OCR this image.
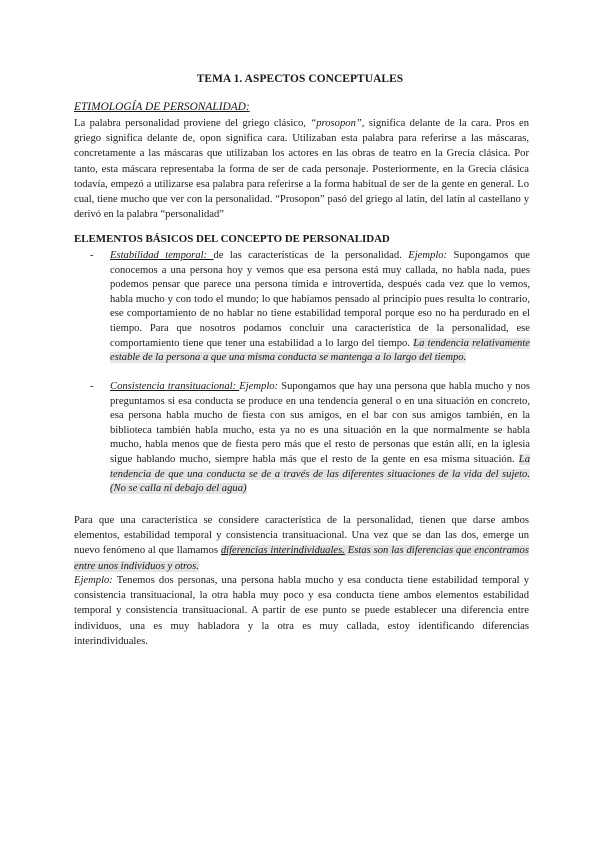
TEMA 1. ASPECTOS CONCEPTUALES
ETIMOLOGÍA DE PERSONALIDAD:
La palabra personalidad proviene del griego clásico, “prosopon”, significa delante de la cara. Pros en griego significa delante de, opon significa cara. Utilizaban esta palabra para referirse a las máscaras, concretamente a las máscaras que utilizaban los actores en las obras de teatro en la Grecia clásica. Por tanto, esta máscara representaba la forma de ser de cada personaje. Posteriormente, en la Grecia clásica todavía, empezó a utilizarse esa palabra para referirse a la forma habitual de ser de la gente en general. Lo cual, tiene mucho que ver con la personalidad. “Prosopon” pasó del griego al latín, del latín al castellano y derivó en la palabra “personalidad”
ELEMENTOS BÁSICOS DEL CONCEPTO DE PERSONALIDAD
- Estabilidad temporal: de las características de la personalidad. Ejemplo: Supongamos que conocemos a una persona hoy y vemos que esa persona está muy callada, no habla nada, pues podemos pensar que parece una persona tímida e introvertida, después cada vez que lo vemos, habla mucho y con todo el mundo; lo que habíamos pensado al principio pues resulta lo contrario, ese comportamiento de no hablar no tiene estabilidad temporal porque eso no ha perdurado en el tiempo. Para que nosotros podamos concluir una característica de la personalidad, ese comportamiento tiene que tener una estabilidad a lo largo del tiempo. La tendencia relativamente estable de la persona a que una misma conducta se mantenga a lo largo del tiempo.
- Consistencia transituacional: Ejemplo: Supongamos que hay una persona que habla mucho y nos preguntamos si esa conducta se produce en una tendencia general o en una situación en concreto, esa persona habla mucho de fiesta con sus amigos, en el bar con sus amigos también, en la biblioteca también habla mucho, esta ya no es una situación en la que normalmente se habla mucho, habla menos que de fiesta pero más que el resto de personas que están allí, en la iglesia sigue hablando mucho, siempre habla más que el resto de la gente en esa misma situación. La tendencia de que una conducta se de a través de las diferentes situaciones de la vida del sujeto. (No se calla ni debajo del agua)
Para que una característica se considere característica de la personalidad, tienen que darse ambos elementos, estabilidad temporal y consistencia transituacional. Una vez que se dan las dos, emerge un nuevo fenómeno al que llamamos diferencias interindividuales. Estas son las diferencias que encontramos entre unos individuos y otros.
Ejemplo: Tenemos dos personas, una persona habla mucho y esa conducta tiene estabilidad temporal y consistencia transituacional, la otra habla muy poco y esa conducta tiene ambos elementos estabilidad temporal y consistencia transituacional. A partir de ese punto se puede establecer una diferencia entre individuos, una es muy habladora y la otra es muy callada, estoy identificando diferencias interindividuales.
